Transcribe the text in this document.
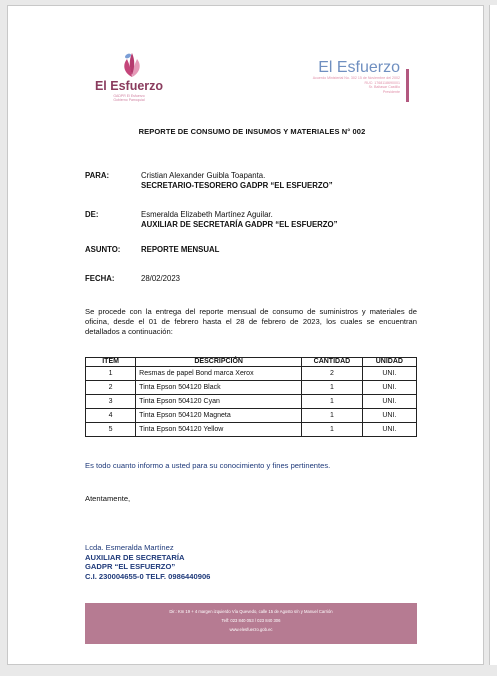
El Esfuerzo
GADPR El Esfuerzo
Gobierno Parroquial
El Esfuerzo
Acuerdo Ministerial No. 302 15 de Noviembre del 2002
RUC: 1768118690001
Sr. Baltasar Castillo
Presidente
REPORTE DE CONSUMO DE INSUMOS Y MATERIALES N° 002
PARA:	Cristian Alexander Guibla Toapanta.
SECRETARIO-TESORERO GADPR “EL ESFUERZO”
DE:	Esmeralda Elizabeth Martínez Aguilar.
AUXILIAR DE SECRETARÍA GADPR “EL ESFUERZO”
ASUNTO:	REPORTE MENSUAL
FECHA:	28/02/2023
Se procede con la entrega del reporte mensual de consumo de suministros y materiales de oficina, desde el 01 de febrero hasta el 28 de febrero de 2023, los cuales se encuentran detallados a continuación:
ITEM	DESCRIPCIÓN	CANTIDAD	UNIDAD
1	Resmas de papel Bond marca Xerox	2	UNI.
2	Tinta Epson 504120 Black	1	UNI.
3	Tinta Epson 504120 Cyan	1	UNI.
4	Tinta Epson 504120 Magneta	1	UNI.
5	Tinta Epson 504120 Yellow	1	UNI.
Es todo cuanto informo a usted para su conocimiento y fines pertinentes.
Atentamente,
Lcda. Esmeralda Martínez
AUXILIAR DE SECRETARÍA
GADPR “EL ESFUERZO”
C.I. 230004655-0 TELF. 0986440906
Dir.: Km 19 + 4 margen izquierdo Vía Quevedo, calle 15 de Agosto s/n y Manuel Carrión
Telf: 023 840 053 / 023 840 306
www.elesfuerzo.gob.ec
